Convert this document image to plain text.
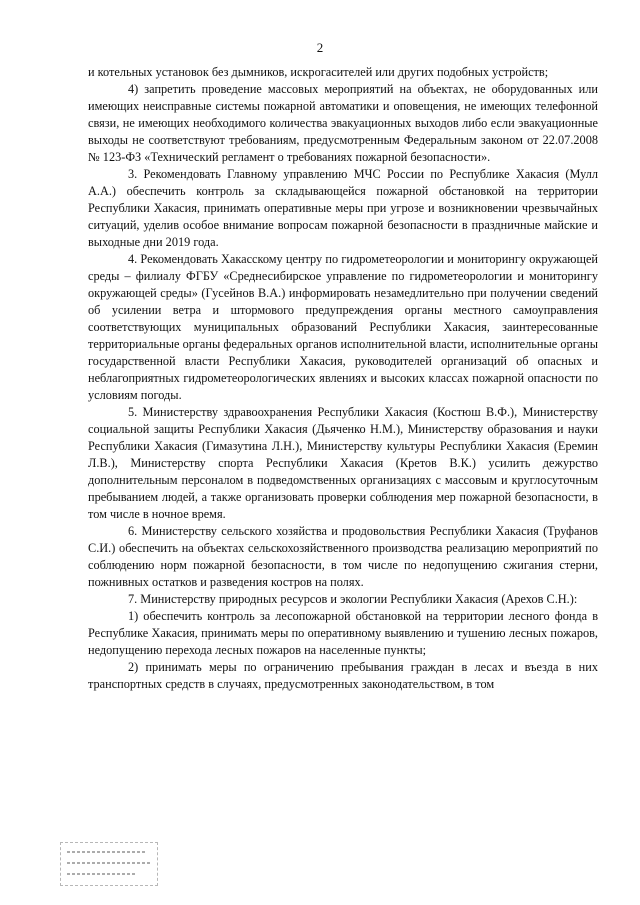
2

и котельных установок без дымников, искрогасителей или других подобных устройств;

4) запретить проведение массовых мероприятий на объектах, не оборудованных или имеющих неисправные системы пожарной автоматики и оповещения, не имеющих телефонной связи, не имеющих необходимого количества эвакуационных выходов либо если эвакуационные выходы не соответствуют требованиям, предусмотренным Федеральным законом от 22.07.2008 № 123-ФЗ «Технический регламент о требованиях пожарной безопасности».

3. Рекомендовать Главному управлению МЧС России по Республике Хакасия (Мулл А.А.) обеспечить контроль за складывающейся пожарной обстановкой на территории Республики Хакасия, принимать оперативные меры при угрозе и возникновении чрезвычайных ситуаций, уделив особое внимание вопросам пожарной безопасности в праздничные майские и выходные дни 2019 года.

4. Рекомендовать Хакасскому центру по гидрометеорологии и мониторингу окружающей среды – филиалу ФГБУ «Среднесибирское управление по гидрометеорологии и мониторингу окружающей среды» (Гусейнов В.А.) информировать незамедлительно при получении сведений об усилении ветра и штормового предупреждения органы местного самоуправления соответствующих муниципальных образований Республики Хакасия, заинтересованные территориальные органы федеральных органов исполнительной власти, исполнительные органы государственной власти Республики Хакасия, руководителей организаций об опасных и неблагоприятных гидрометеорологических явлениях и высоких классах пожарной опасности по условиям погоды.

5. Министерству здравоохранения Республики Хакасия (Костюш В.Ф.), Министерству социальной защиты Республики Хакасия (Дьяченко Н.М.), Министерству образования и науки Республики Хакасия (Гимазутина Л.Н.), Министерству культуры Республики Хакасия (Еремин Л.В.), Министерству спорта Республики Хакасия (Кретов В.К.) усилить дежурство дополнительным персоналом в подведомственных организациях с массовым и круглосуточным пребыванием людей, а также организовать проверки соблюдения мер пожарной безопасности, в том числе в ночное время.

6. Министерству сельского хозяйства и продовольствия Республики Хакасия (Труфанов С.И.) обеспечить на объектах сельскохозяйственного производства реализацию мероприятий по соблюдению норм пожарной безопасности, в том числе по недопущению сжигания стерни, пожнивных остатков и разведения костров на полях.

7. Министерству природных ресурсов и экологии Республики Хакасия (Арехов С.Н.):

1) обеспечить контроль за лесопожарной обстановкой на территории лесного фонда в Республике Хакасия, принимать меры по оперативному выявлению и тушению лесных пожаров, недопущению перехода лесных пожаров на населенные пункты;

2) принимать меры по ограничению пребывания граждан в лесах и въезда в них транспортных средств в случаях, предусмотренных законодательством, в том
